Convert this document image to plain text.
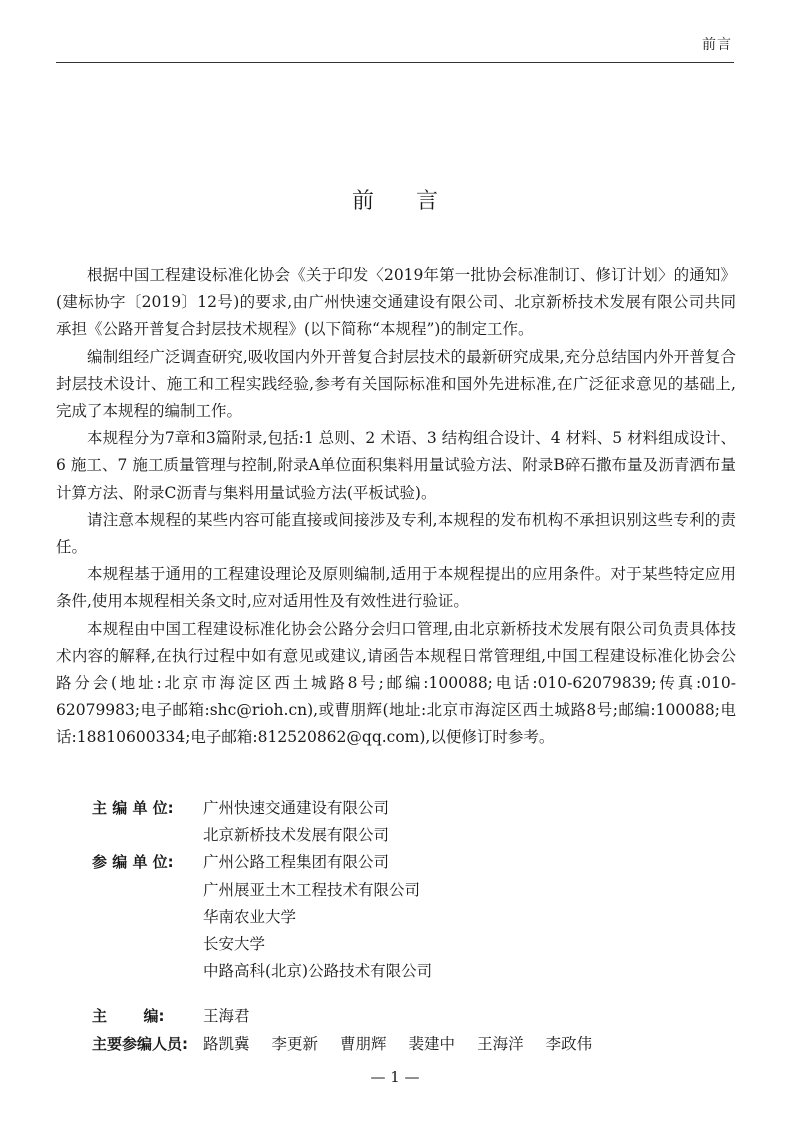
前言
前言

根据中国工程建设标准化协会《关于印发〈2019年第一批协会标准制订、修订计划〉的通知》(建标协字〔2019〕12号)的要求,由广州快速交通建设有限公司、北京新桥技术发展有限公司共同承担《公路开普复合封层技术规程》(以下简称“本规程”)的制定工作。

编制组经广泛调查研究,吸收国内外开普复合封层技术的最新研究成果,充分总结国内外开普复合封层技术设计、施工和工程实践经验,参考有关国际标准和国外先进标准,在广泛征求意见的基础上,完成了本规程的编制工作。

本规程分为7章和3篇附录,包括:1 总则、2 术语、3 结构组合设计、4 材料、5 材料组成设计、6 施工、7 施工质量管理与控制,附录A单位面积集料用量试验方法、附录B碎石撒布量及沥青洒布量计算方法、附录C沥青与集料用量试验方法(平板试验)。

请注意本规程的某些内容可能直接或间接涉及专利,本规程的发布机构不承担识别这些专利的责任。

本规程基于通用的工程建设理论及原则编制,适用于本规程提出的应用条件。对于某些特定应用条件,使用本规程相关条文时,应对适用性及有效性进行验证。

本规程由中国工程建设标准化协会公路分会归口管理,由北京新桥技术发展有限公司负责具体技术内容的解释,在执行过程中如有意见或建议,请函告本规程日常管理组,中国工程建设标准化协会公路分会(地址:北京市海淀区西土城路8号;邮编:100088;电话:010-62079839;传真:010-62079983;电子邮箱:shc@rioh.cn),或曹朋辉(地址:北京市海淀区西土城路8号;邮编:100088;电话:18810600334;电子邮箱:812520862@qq.com),以便修订时参考。

主 编 单 位:	广州快速交通建设有限公司
北京新桥技术发展有限公司
参 编 单 位:	广州公路工程集团有限公司
广州展亚土木工程技术有限公司
华南农业大学
长安大学
中路高科(北京)公路技术有限公司
主       编:	王海君
主要参编人员: 路凯冀 李更新 曹朋辉 裴建中 王海洋 李政伟
— 1 —
